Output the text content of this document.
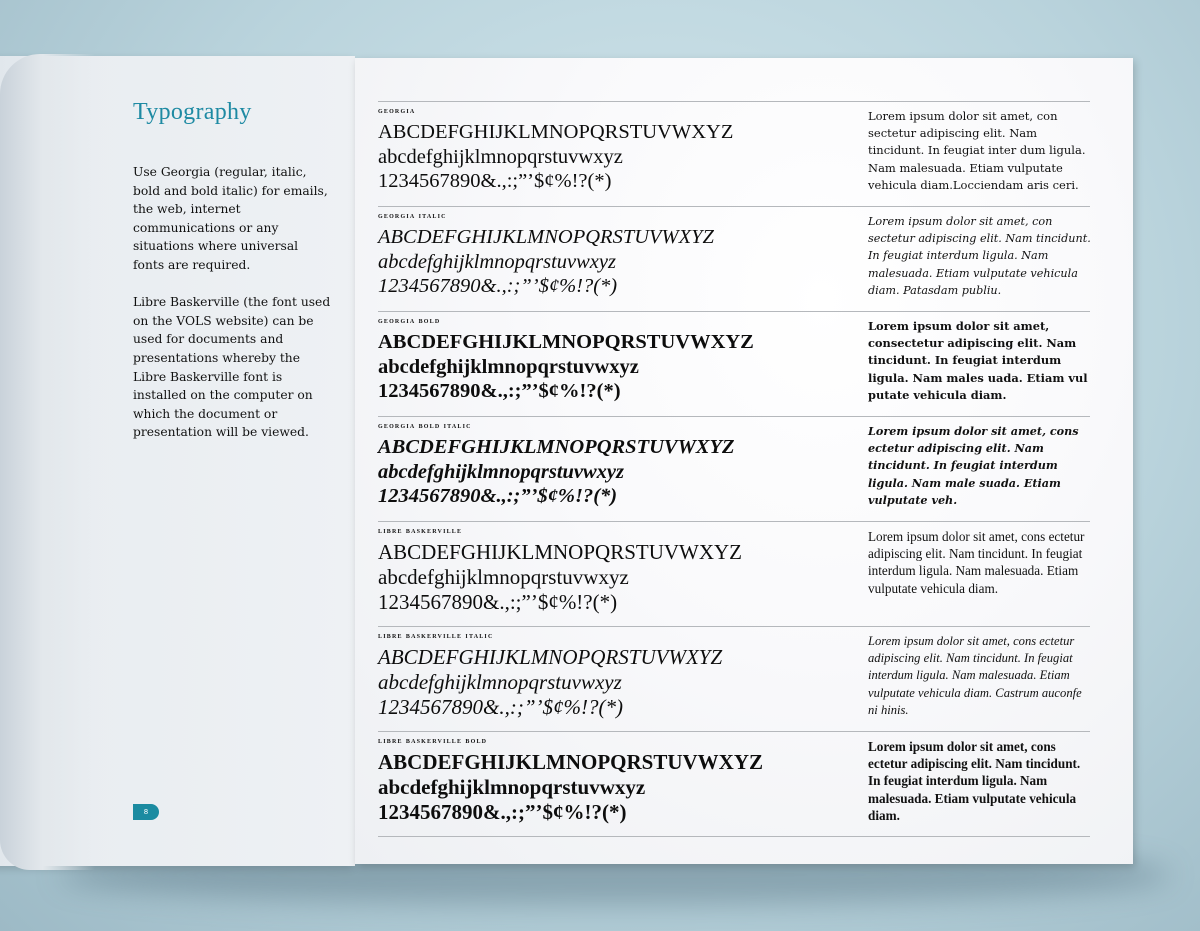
Typography

Use Georgia (regular, italic, bold and bold italic) for emails, the web, internet communications or any situations where universal fonts are required.

Libre Baskerville (the font used on the VOLS website) can be used for documents and presentations whereby the Libre Baskerville font is installed on the computer on which the document or presentation will be viewed.

8
georgia
ABCDEFGHIJKLMNOPQRSTUVWXYZ
abcdefghijklmnopqrstuvwxyz
1234567890&.,:;”’$¢%!?(*)
Lorem ipsum dolor sit amet, con sectetur adipiscing elit. Nam tincidunt. In feugiat inter dum ligula. Nam malesuada. Etiam vulputate vehicula diam.Locciendam aris ceri.
georgia italic
ABCDEFGHIJKLMNOPQRSTUVWXYZ
abcdefghijklmnopqrstuvwxyz
1234567890&.,:;”’$¢%!?(*)
Lorem ipsum dolor sit amet, con sectetur adipiscing elit. Nam tincidunt. In feugiat interdum ligula. Nam malesuada. Etiam vulputate vehicula diam. Patasdam publiu.
georgia bold
ABCDEFGHIJKLMNOPQRSTUVWXYZ
abcdefghijklmnopqrstuvwxyz
1234567890&.,:;”’$¢%!?(*)
Lorem ipsum dolor sit amet, consectetur adipiscing elit. Nam tincidunt. In feugiat interdum ligula. Nam males uada. Etiam vul putate vehicula diam.
georgia bold italic
ABCDEFGHIJKLMNOPQRSTUVWXYZ
abcdefghijklmnopqrstuvwxyz
1234567890&.,:;”’$¢%!?(*)
Lorem ipsum dolor sit amet, cons ectetur adipiscing elit. Nam tincidunt. In feugiat interdum ligula. Nam male suada. Etiam vulputate veh.
libre baskerville
ABCDEFGHIJKLMNOPQRSTUVWXYZ
abcdefghijklmnopqrstuvwxyz
1234567890&.,:;”’$¢%!?(*)
Lorem ipsum dolor sit amet, cons ectetur adipiscing elit. Nam tincidunt. In feugiat interdum ligula. Nam malesuada. Etiam vulputate vehicula diam.
libre baskerville italic
ABCDEFGHIJKLMNOPQRSTUVWXYZ
abcdefghijklmnopqrstuvwxyz
1234567890&.,:;”’$¢%!?(*)
Lorem ipsum dolor sit amet, cons ectetur adipiscing elit. Nam tincidunt. In feugiat interdum ligula. Nam malesuada. Etiam vulputate vehicula diam. Castrum auconfe ni hinis.
libre baskerville bold
ABCDEFGHIJKLMNOPQRSTUVWXYZ
abcdefghijklmnopqrstuvwxyz
1234567890&.,:;”’$¢%!?(*)
Lorem ipsum dolor sit amet, cons ectetur adipiscing elit. Nam tincidunt. In feugiat interdum ligula. Nam malesuada. Etiam vulputate vehicula diam.
